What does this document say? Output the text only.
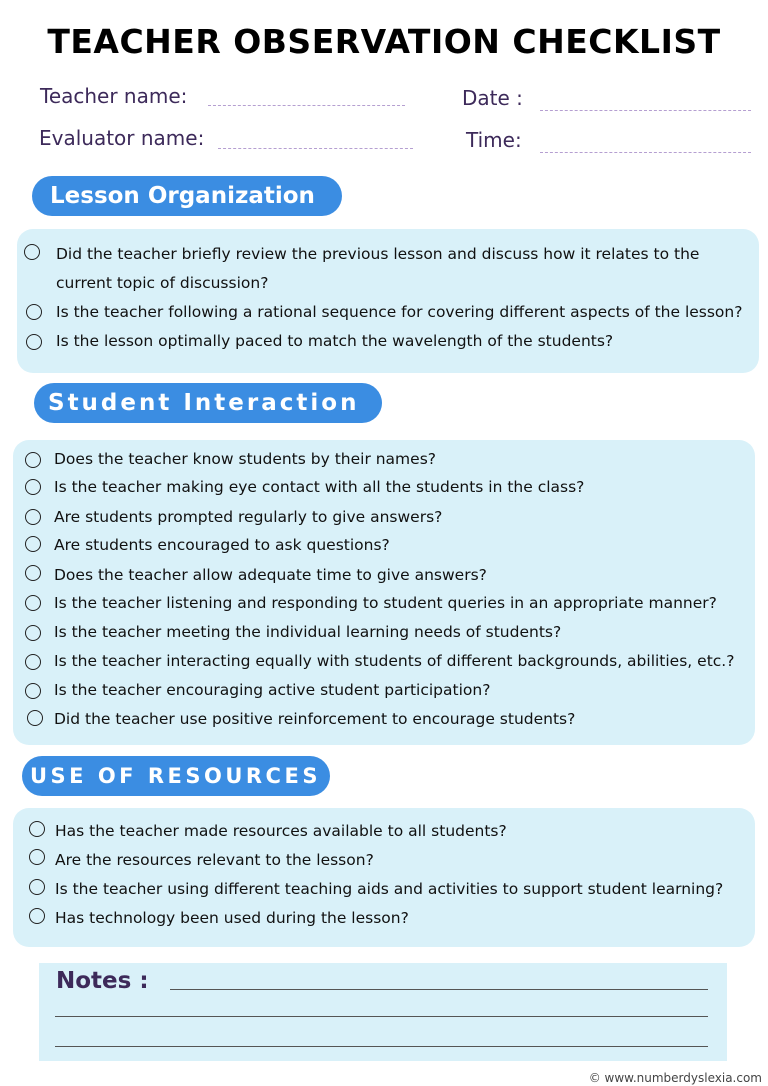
TEACHER OBSERVATION CHECKLIST
Teacher name:	Date :
Evaluator name:	Time:
Lesson Organization
Did the teacher briefly review the previous lesson and discuss how it relates to the
current topic of discussion?
Is the teacher following a rational sequence for covering different aspects of the lesson?
Is the lesson optimally paced to match the wavelength of the students?
Student Interaction
Does the teacher know students by their names?
Is the teacher making eye contact with all the students in the class?
Are students prompted regularly to give answers?
Are students encouraged to ask questions?
Does the teacher allow adequate time to give answers?
Is the teacher listening and responding to student queries in an appropriate manner?
Is the teacher meeting the individual learning needs of students?
Is the teacher interacting equally with students of different backgrounds, abilities, etc.?
Is the teacher encouraging active student participation?
Did the teacher use positive reinforcement to encourage students?
USE OF RESOURCES
Has the teacher made resources available to all students?
Are the resources relevant to the lesson?
Is the teacher using different teaching aids and activities to support student learning?
Has technology been used during the lesson?
Notes :
© www.numberdyslexia.com
